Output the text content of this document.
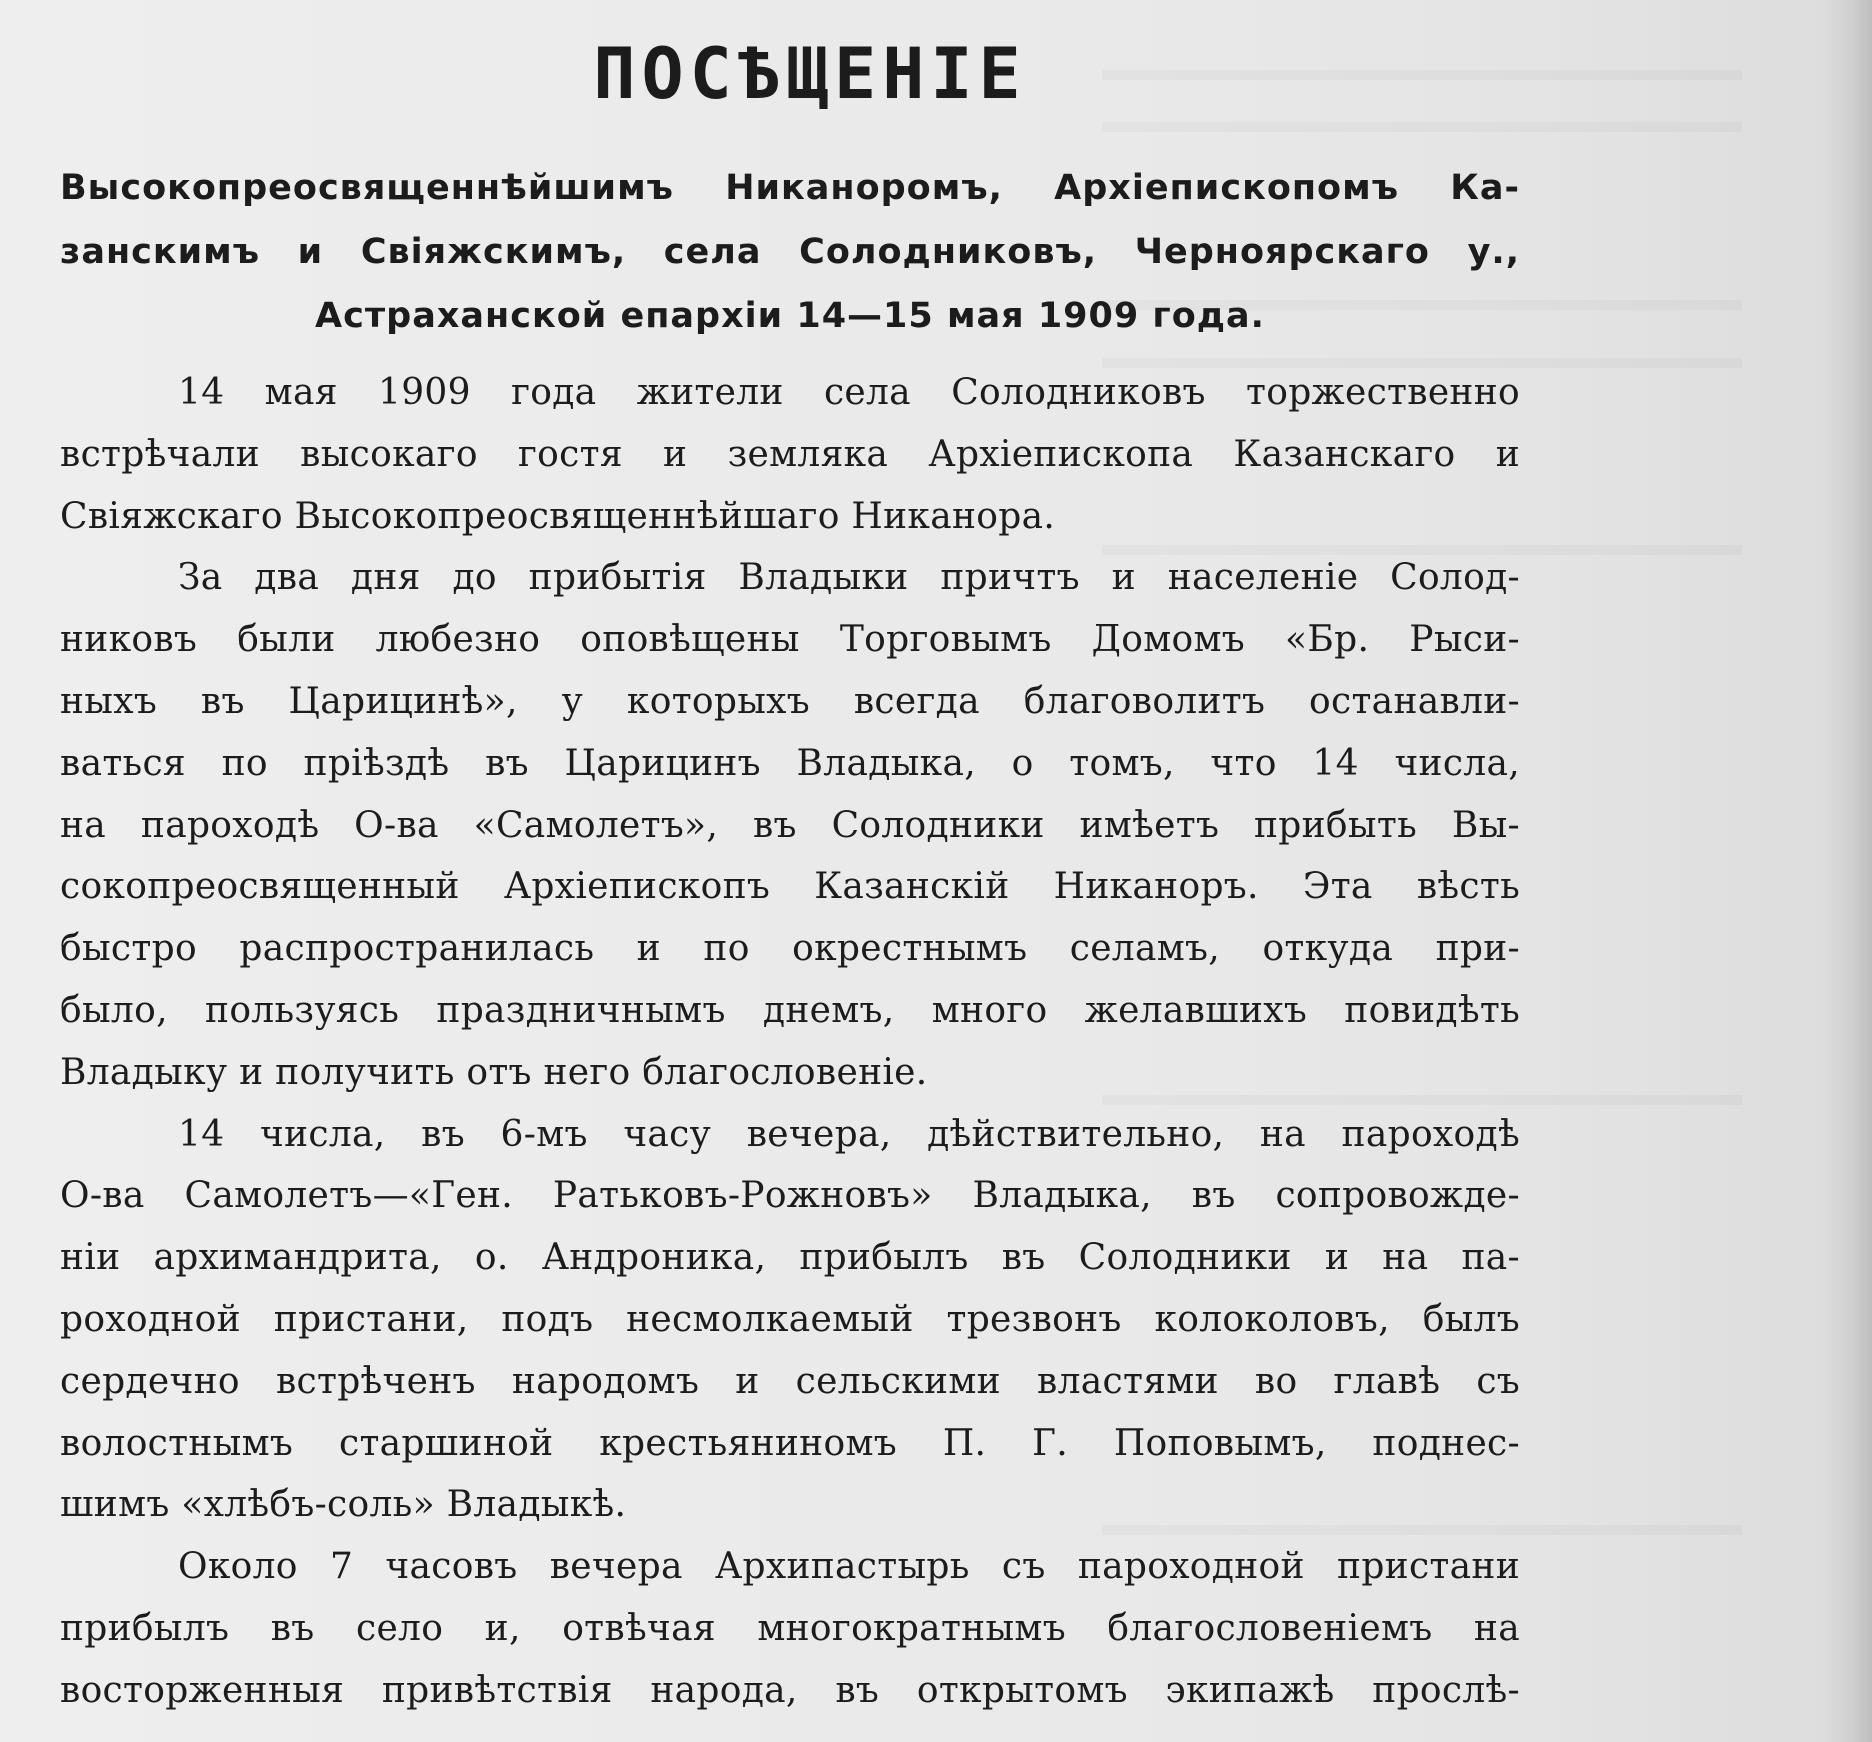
ПОСѢЩЕНІЕ
Высокопреосвященнѣйшимъ Никаноромъ, Архіепископомъ Ка-
занскимъ и Свіяжскимъ, села Солодниковъ, Черноярскаго у.,
Астраханской епархіи 14—15 мая 1909 года.
14 мая 1909 года жители села Солодниковъ торжественно
встрѣчали высокаго гостя и земляка Архіепископа Казанскаго и
Свіяжскаго Высокопреосвященнѣйшаго Никанора.
За два дня до прибытія Владыки причтъ и населеніе Солод-
никовъ были любезно оповѣщены Торговымъ Домомъ «Бр. Рыси-
ныхъ въ Царицинѣ», у которыхъ всегда благоволитъ останавли-
ваться по пріѣздѣ въ Царицинъ Владыка, о томъ, что 14 числа,
на пароходѣ О-ва «Самолетъ», въ Солодники имѣетъ прибыть Вы-
сокопреосвященный Архіепископъ Казанскій Никаноръ. Эта вѣсть
быстро распространилась и по окрестнымъ селамъ, откуда при-
было, пользуясь праздничнымъ днемъ, много желавшихъ повидѣть
Владыку и получить отъ него благословеніе.
14 числа, въ 6-мъ часу вечера, дѣйствительно, на пароходѣ
О-ва Самолетъ—«Ген. Ратьковъ-Рожновъ» Владыка, въ сопровожде-
ніи архимандрита, о. Андроника, прибылъ въ Солодники и на па-
роходной пристани, подъ несмолкаемый трезвонъ колоколовъ, былъ
сердечно встрѣченъ народомъ и сельскими властями во главѣ съ
волостнымъ старшиной крестьяниномъ П. Г. Поповымъ, поднес-
шимъ «хлѣбъ-соль» Владыкѣ.
Около 7 часовъ вечера Архипастырь съ пароходной пристани
прибылъ въ село и, отвѣчая многократнымъ благословеніемъ на
восторженныя привѣтствія народа, въ открытомъ экипажѣ прослѣ-
